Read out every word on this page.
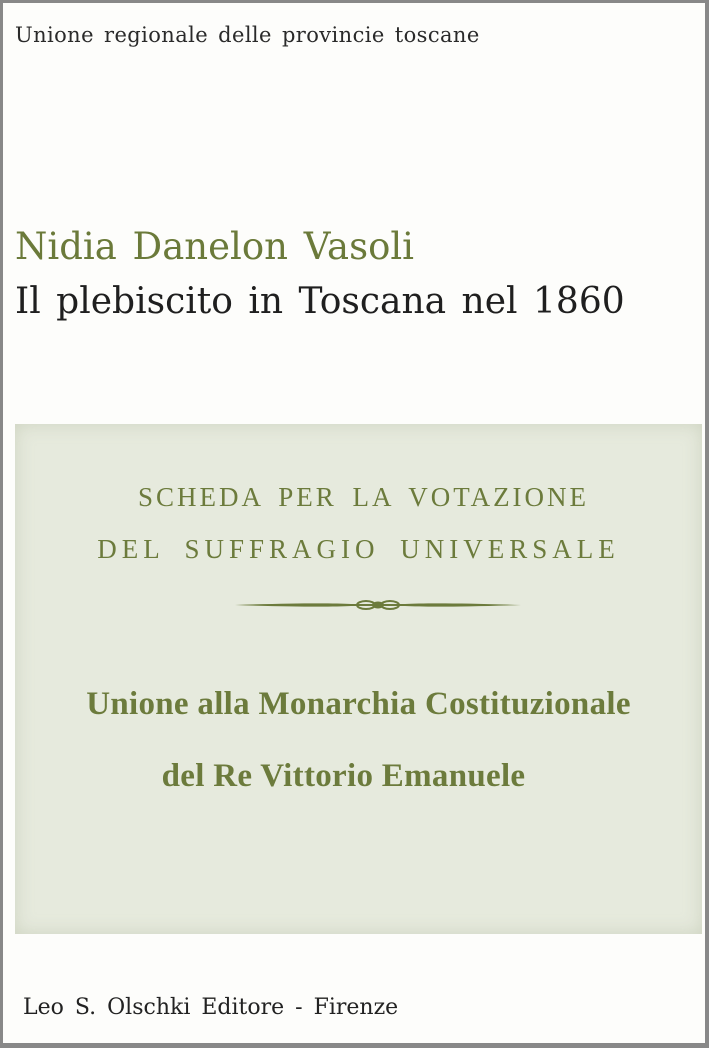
Unione regionale delle provincie toscane
Nidia Danelon Vasoli
Il plebiscito in Toscana nel 1860
SCHEDA PER LA VOTAZIONE
DEL SUFFRAGIO UNIVERSALE
Unione alla Monarchia Costituzionale
del Re Vittorio Emanuele
Leo S. Olschki Editore - Firenze
